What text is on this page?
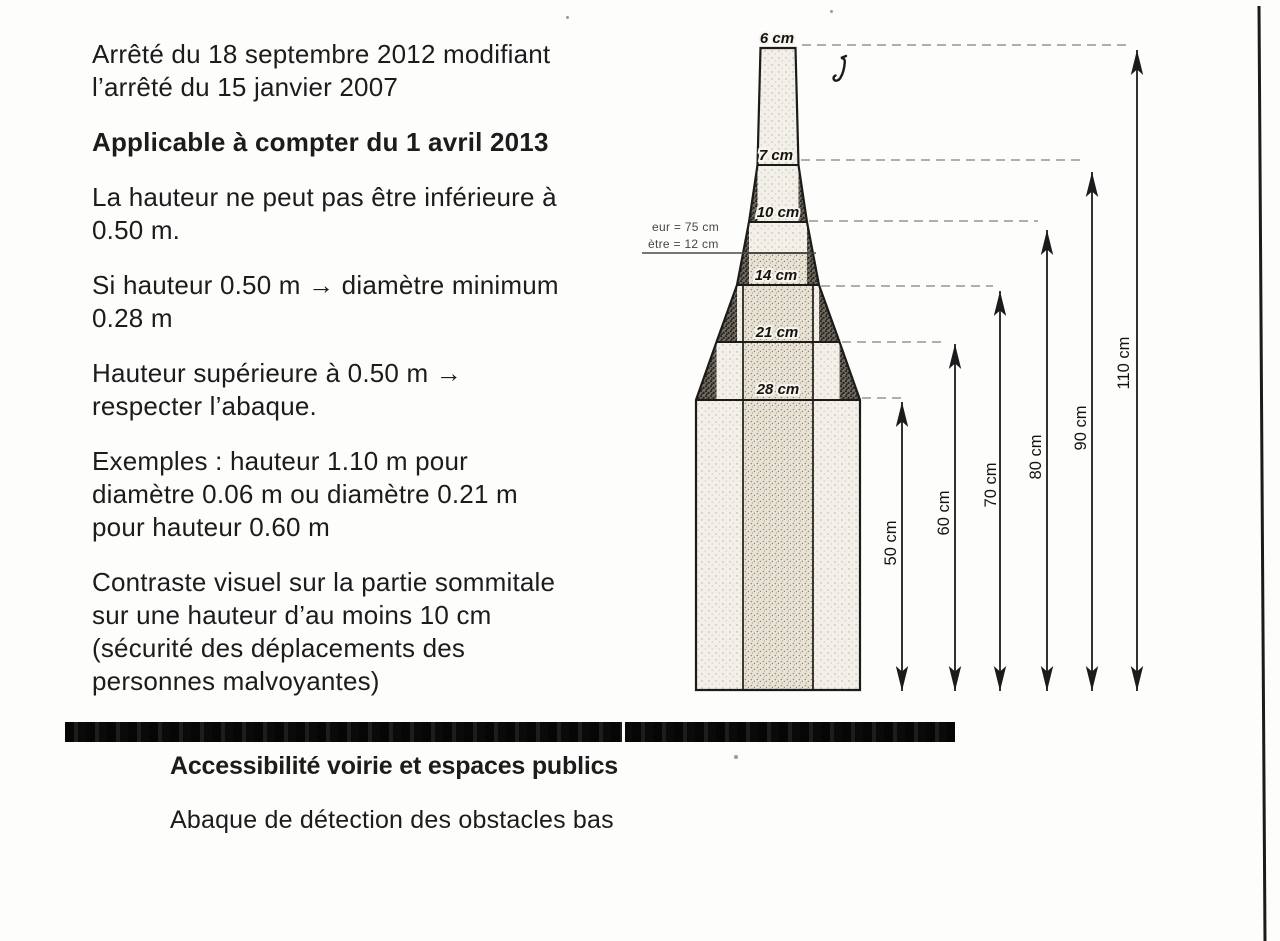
Arrêté du 18 septembre 2012 modifiant
l’arrêté du 15 janvier 2007

Applicable à compter du 1 avril 2013

La hauteur ne peut pas être inférieure à
0.50 m.

Si hauteur 0.50 m → diamètre minimum
0.28 m

Hauteur supérieure à 0.50 m →
respecter l’abaque.

Exemples : hauteur 1.10 m pour
diamètre 0.06 m ou diamètre 0.21 m
pour hauteur 0.60 m

Contraste visuel sur la partie sommitale
sur une hauteur d’au moins 10 cm
(sécurité des déplacements des
personnes malvoyantes)

6 cm
7 cm
10 cm
14 cm
21 cm
28 cm
eur = 75 cm
ètre = 12 cm
50 cm
60 cm
70 cm
80 cm
90 cm
110 cm
Accessibilité voirie et espaces publics
Abaque de détection des obstacles bas
